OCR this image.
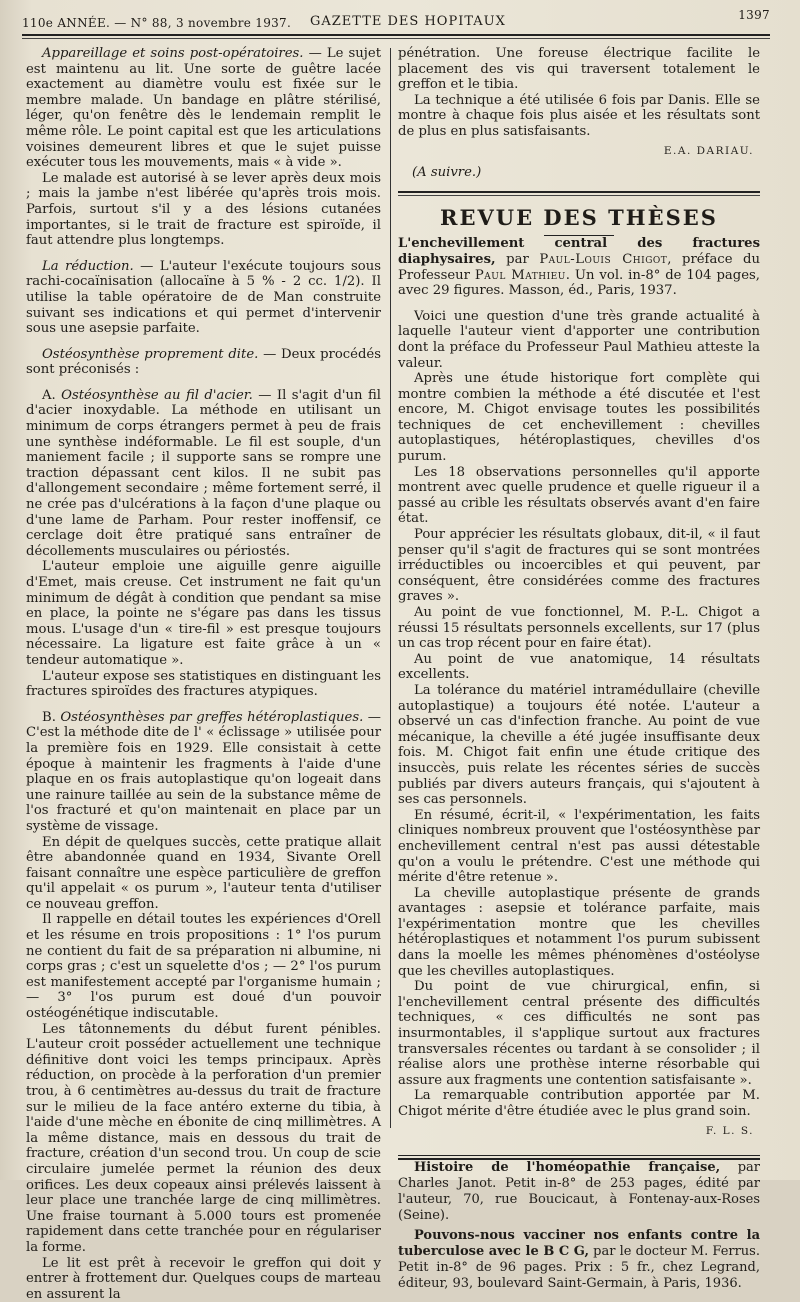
110e ANNÉE. — N° 88, 3 novembre 1937. GAZETTE DES HOPITAUX	1397

Appareillage et soins post-opératoires. — Le sujet est maintenu au lit. Une sorte de guêtre lacée exactement au diamètre voulu est fixée sur le membre malade. Un bandage en plâtre stérilisé, léger, qu'on fenêtre dès le lendemain remplit le même rôle. Le point capital est que les articulations voisines demeurent libres et que le sujet puisse exécuter tous les mouvements, mais « à vide ».

Le malade est autorisé à se lever après deux mois ; mais la jambe n'est libérée qu'après trois mois. Parfois, surtout s'il y a des lésions cutanées importantes, si le trait de fracture est spiroïde, il faut attendre plus longtemps.

La réduction. — L'auteur l'exécute toujours sous rachi-cocaïnisation (allocaïne à 5 % - 2 cc. 1/2). Il utilise la table opératoire de de Man construite suivant ses indications et qui permet d'intervenir sous une asepsie parfaite.

Ostéosynthèse proprement dite. — Deux procédés sont préconisés :

A. Ostéosynthèse au fil d'acier. — Il s'agit d'un fil d'acier inoxydable. La méthode en utilisant un minimum de corps étrangers permet à peu de frais une synthèse indéformable. Le fil est souple, d'un maniement facile ; il supporte sans se rompre une traction dépassant cent kilos. Il ne subit pas d'allongement secondaire ; même fortement serré, il ne crée pas d'ulcérations à la façon d'une plaque ou d'une lame de Parham. Pour rester inoffensif, ce cerclage doit être pratiqué sans entraîner de décollements musculaires ou périostés.

L'auteur emploie une aiguille genre aiguille d'Emet, mais creuse. Cet instrument ne fait qu'un minimum de dégât à condition que pendant sa mise en place, la pointe ne s'égare pas dans les tissus mous. L'usage d'un « tire-fil » est presque toujours nécessaire. La ligature est faite grâce à un « tendeur automatique ».

L'auteur expose ses statistiques en distinguant les fractures spiroïdes des fractures atypiques.

B. Ostéosynthèses par greffes hétéroplastiques. — C'est la méthode dite de l' « éclissage » utilisée pour la première fois en 1929. Elle consistait à cette époque à maintenir les fragments à l'aide d'une plaque en os frais autoplastique qu'on logeait dans une rainure taillée au sein de la substance même de l'os fracturé et qu'on maintenait en place par un système de vissage.

En dépit de quelques succès, cette pratique allait être abandonnée quand en 1934, Sivante Orell faisant connaître une espèce particulière de greffon qu'il appelait « os purum », l'auteur tenta d'utiliser ce nouveau greffon.

Il rappelle en détail toutes les expériences d'Orell et les résume en trois propositions : 1° l'os purum ne contient du fait de sa préparation ni albumine, ni corps gras ; c'est un squelette d'os ; — 2° l'os purum est manifestement accepté par l'organisme humain ; — 3° l'os purum est doué d'un pouvoir ostéogénétique indiscutable.

Les tâtonnements du début furent pénibles. L'auteur croit posséder actuellement une technique définitive dont voici les temps principaux. Après réduction, on procède à la perforation d'un premier trou, à 6 centimètres au-dessus du trait de fracture sur le milieu de la face antéro externe du tibia, à l'aide d'une mèche en ébonite de cinq millimètres. A la même distance, mais en dessous du trait de fracture, création d'un second trou. Un coup de scie circulaire jumelée permet la réunion des deux orifices. Les deux copeaux ainsi prélevés laissent à leur place une tranchée large de cinq millimètres. Une fraise tournant à 5.000 tours est promenée rapidement dans cette tranchée pour en régulariser la forme.

Le lit est prêt à recevoir le greffon qui doit y entrer à frottement dur. Quelques coups de marteau en assurent la

pénétration. Une foreuse électrique facilite le placement des vis qui traversent totalement le greffon et le tibia.

La technique a été utilisée 6 fois par Danis. Elle se montre à chaque fois plus aisée et les résultats sont de plus en plus satisfaisants.

E.A. DARIAU.

(A suivre.)

REVUE DES THÈSES

L'enchevillement central des fractures diaphysaires, par Paul-Louis Chigot, préface du Professeur Paul Mathieu. Un vol. in-8° de 104 pages, avec 29 figures. Masson, éd., Paris, 1937.

Voici une question d'une très grande actualité à laquelle l'auteur vient d'apporter une contribution dont la préface du Professeur Paul Mathieu atteste la valeur.

Après une étude historique fort complète qui montre combien la méthode a été discutée et l'est encore, M. Chigot envisage toutes les possibilités techniques de cet enchevillement : chevilles autoplastiques, hétéroplastiques, chevilles d'os purum.

Les 18 observations personnelles qu'il apporte montrent avec quelle prudence et quelle rigueur il a passé au crible les résultats observés avant d'en faire état.

Pour apprécier les résultats globaux, dit-il, « il faut penser qu'il s'agit de fractures qui se sont montrées irréductibles ou incoercibles et qui peuvent, par conséquent, être considérées comme des fractures graves ».

Au point de vue fonctionnel, M. P.-L. Chigot a réussi 15 résultats personnels excellents, sur 17 (plus un cas trop récent pour en faire état).

Au point de vue anatomique, 14 résultats excellents.

La tolérance du matériel intramédullaire (cheville autoplastique) a toujours été notée. L'auteur a observé un cas d'infection franche. Au point de vue mécanique, la cheville a été jugée insuffisante deux fois. M. Chigot fait enfin une étude critique des insuccès, puis relate les récentes séries de succès publiés par divers auteurs français, qui s'ajoutent à ses cas personnels.

En résumé, écrit-il, « l'expérimentation, les faits cliniques nombreux prouvent que l'ostéosynthèse par enchevillement central n'est pas aussi détestable qu'on a voulu le prétendre. C'est une méthode qui mérite d'être retenue ».

La cheville autoplastique présente de grands avantages : asepsie et tolérance parfaite, mais l'expérimentation montre que les chevilles hétéroplastiques et notamment l'os purum subissent dans la moelle les mêmes phénomènes d'ostéolyse que les chevilles autoplastiques.

Du point de vue chirurgical, enfin, si l'enchevillement central présente des difficultés techniques, « ces difficultés ne sont pas insurmontables, il s'applique surtout aux fractures transversales récentes ou tardant à se consolider ; il réalise alors une prothèse interne résorbable qui assure aux fragments une contention satisfaisante ».

La remarquable contribution apportée par M. Chigot mérite d'être étudiée avec le plus grand soin.

F. L. S.

Histoire de l'homéopathie française, par Charles Janot. Petit in-8° de 253 pages, édité par l'auteur, 70, rue Boucicaut, à Fontenay-aux-Roses (Seine).

Pouvons-nous vacciner nos enfants contre la tuberculose avec le B C G, par le docteur M. Ferrus. Petit in-8° de 96 pages. Prix : 5 fr., chez Legrand, éditeur, 93, boulevard Saint-Germain, à Paris, 1936.
